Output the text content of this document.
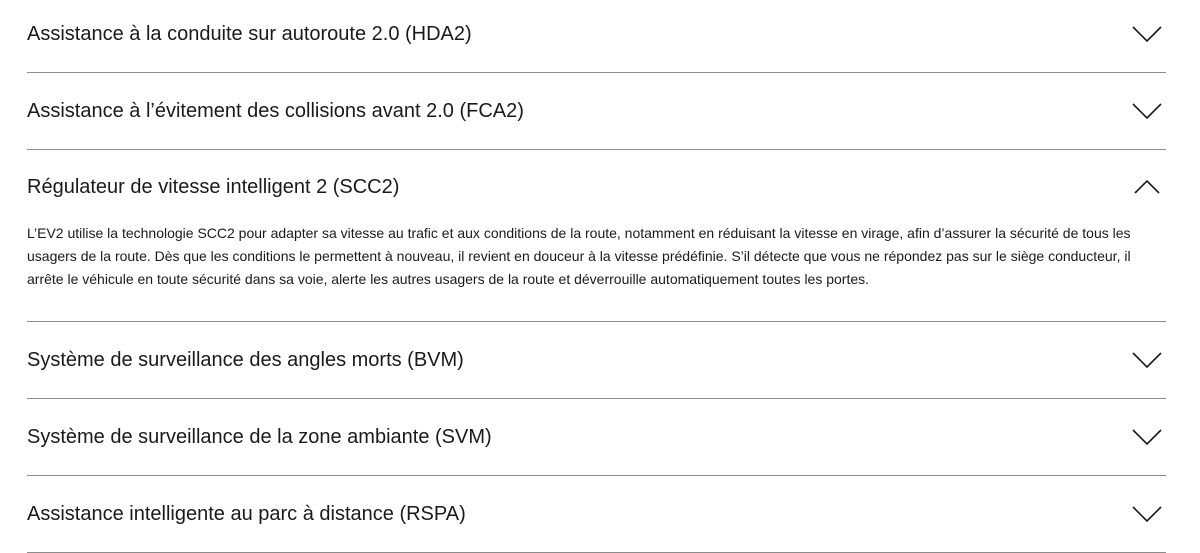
Assistance à la conduite sur autoroute 2.0 (HDA2)
Assistance à l’évitement des collisions avant 2.0 (FCA2)
Régulateur de vitesse intelligent 2 (SCC2)

L’EV2 utilise la technologie SCC2 pour adapter sa vitesse au trafic et aux conditions de la route, notamment en réduisant la vitesse en virage, afin d’assurer la sécurité de tous les usagers de la route. Dès que les conditions le permettent à nouveau, il revient en douceur à la vitesse prédéfinie. S’il détecte que vous ne répondez pas sur le siège conducteur, il arrête le véhicule en toute sécurité dans sa voie, alerte les autres usagers de la route et déverrouille automatiquement toutes les portes.

Système de surveillance des angles morts (BVM)
Système de surveillance de la zone ambiante (SVM)
Assistance intelligente au parc à distance (RSPA)
